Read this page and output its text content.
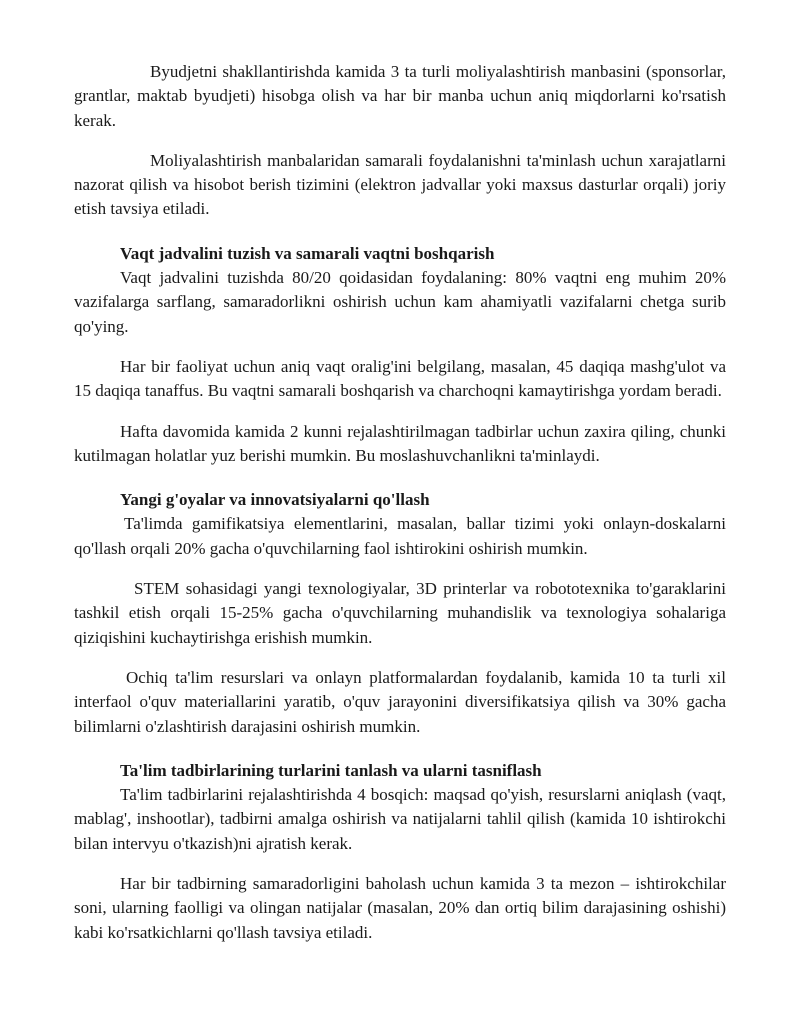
Byudjetni shakllantirishda kamida 3 ta turli moliyalashtirish manbasini (sponsorlar, grantlar, maktab byudjeti) hisobga olish va har bir manba uchun aniq miqdorlarni ko'rsatish kerak.

Moliyalashtirish manbalaridan samarali foydalanishni ta'minlash uchun xarajatlarni nazorat qilish va hisobot berish tizimini (elektron jadvallar yoki maxsus dasturlar orqali) joriy etish tavsiya etiladi.

Vaqt jadvalini tuzish va samarali vaqtni boshqarish

Vaqt jadvalini tuzishda 80/20 qoidasidan foydalaning: 80% vaqtni eng muhim 20% vazifalarga sarflang, samaradorlikni oshirish uchun kam ahamiyatli vazifalarni chetga surib qo'ying.

Har bir faoliyat uchun aniq vaqt oralig'ini belgilang, masalan, 45 daqiqa mashg'ulot va 15 daqiqa tanaffus. Bu vaqtni samarali boshqarish va charchoqni kamaytirishga yordam beradi.

Hafta davomida kamida 2 kunni rejalashtirilmagan tadbirlar uchun zaxira qiling, chunki kutilmagan holatlar yuz berishi mumkin. Bu moslashuvchanlikni ta'minlaydi.

Yangi g'oyalar va innovatsiyalarni qo'llash

Ta'limda gamifikatsiya elementlarini, masalan, ballar tizimi yoki onlayn-doskalarni qo'llash orqali 20% gacha o'quvchilarning faol ishtirokini oshirish mumkin.

STEM sohasidagi yangi texnologiyalar, 3D printerlar va robototexnika to'garaklarini tashkil etish orqali 15-25% gacha o'quvchilarning muhandislik va texnologiya sohalariga qiziqishini kuchaytirishga erishish mumkin.

Ochiq ta'lim resurslari va onlayn platformalardan foydalanib, kamida 10 ta turli xil interfaol o'quv materiallarini yaratib, o'quv jarayonini diversifikatsiya qilish va 30% gacha bilimlarni o'zlashtirish darajasini oshirish mumkin.

Ta'lim tadbirlarining turlarini tanlash va ularni tasniflash

Ta'lim tadbirlarini rejalashtirishda 4 bosqich: maqsad qo'yish, resurslarni aniqlash (vaqt, mablag', inshootlar), tadbirni amalga oshirish va natijalarni tahlil qilish (kamida 10 ishtirokchi bilan intervyu o'tkazish)ni ajratish kerak.

Har bir tadbirning samaradorligini baholash uchun kamida 3 ta mezon – ishtirokchilar soni, ularning faolligi va olingan natijalar (masalan, 20% dan ortiq bilim darajasining oshishi) kabi ko'rsatkichlarni qo'llash tavsiya etiladi.
